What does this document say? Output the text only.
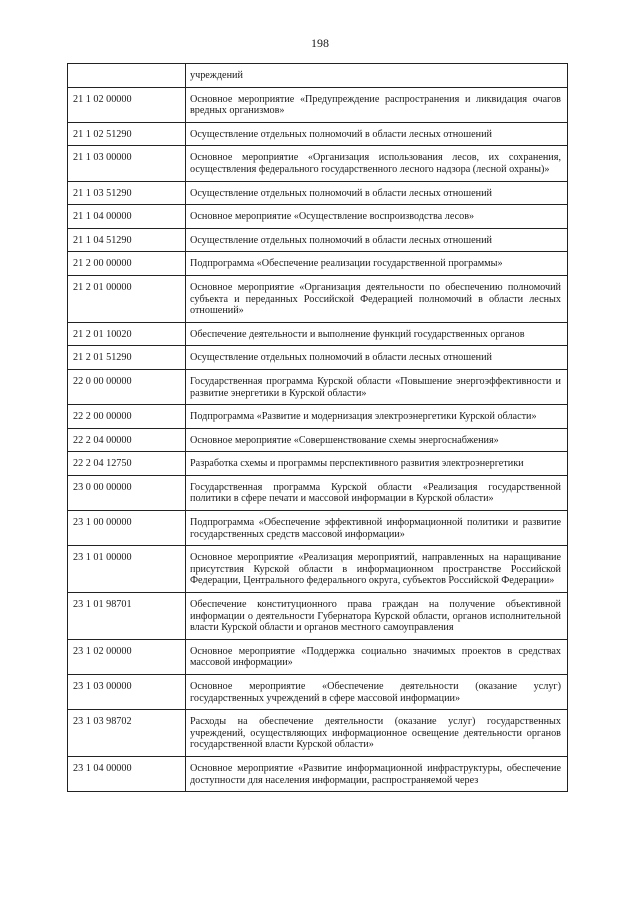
198
	учреждений
21 1 02 00000	Основное мероприятие «Предупреждение распространения и ликвидация очагов вредных организмов»
21 1 02 51290	Осуществление отдельных полномочий в области лесных отношений
21 1 03 00000	Основное мероприятие «Организация использования лесов, их сохранения, осуществления федерального государственного лесного надзора (лесной охраны)»
21 1 03 51290	Осуществление отдельных полномочий в области лесных отношений
21 1 04 00000	Основное мероприятие «Осуществление воспроизводства лесов»
21 1 04 51290	Осуществление отдельных полномочий в области лесных отношений
21 2 00 00000	Подпрограмма «Обеспечение реализации государственной программы»
21 2 01 00000	Основное мероприятие «Организация деятельности по обеспечению полномочий субъекта и переданных Российской Федерацией полномочий в области лесных отношений»
21 2 01 10020	Обеспечение деятельности и выполнение функций государственных органов
21 2 01 51290	Осуществление отдельных полномочий в области лесных отношений
22 0 00 00000	Государственная программа Курской области «Повышение энергоэффективности и развитие энергетики в Курской области»
22 2 00 00000	Подпрограмма «Развитие и модернизация электроэнергетики Курской области»
22 2 04 00000	Основное мероприятие «Совершенствование схемы энергоснабжения»
22 2 04 12750	Разработка схемы и программы перспективного развития электроэнергетики
23 0 00 00000	Государственная программа Курской области «Реализация государственной политики в сфере печати и массовой информации в Курской области»
23 1 00 00000	Подпрограмма «Обеспечение эффективной информационной политики и развитие государственных средств массовой информации»
23 1 01 00000	Основное мероприятие «Реализация мероприятий, направленных на наращивание присутствия Курской области в информационном пространстве Российской Федерации, Центрального федерального округа, субъектов Российской Федерации»
23 1 01 98701	Обеспечение конституционного права граждан на получение объективной информации о деятельности Губернатора Курской области, органов исполнительной власти Курской области и органов местного самоуправления
23 1 02 00000	Основное мероприятие «Поддержка социально значимых проектов в средствах массовой информации»
23 1 03 00000	Основное мероприятие «Обеспечение деятельности (оказание услуг) государственных учреждений в сфере массовой информации»
23 1 03 98702	Расходы на обеспечение деятельности (оказание услуг) государственных учреждений, осуществляющих информационное освещение деятельности органов государственной власти Курской области»
23 1 04 00000	Основное мероприятие «Развитие информационной инфраструктуры, обеспечение доступности для населения информации, распространяемой через
